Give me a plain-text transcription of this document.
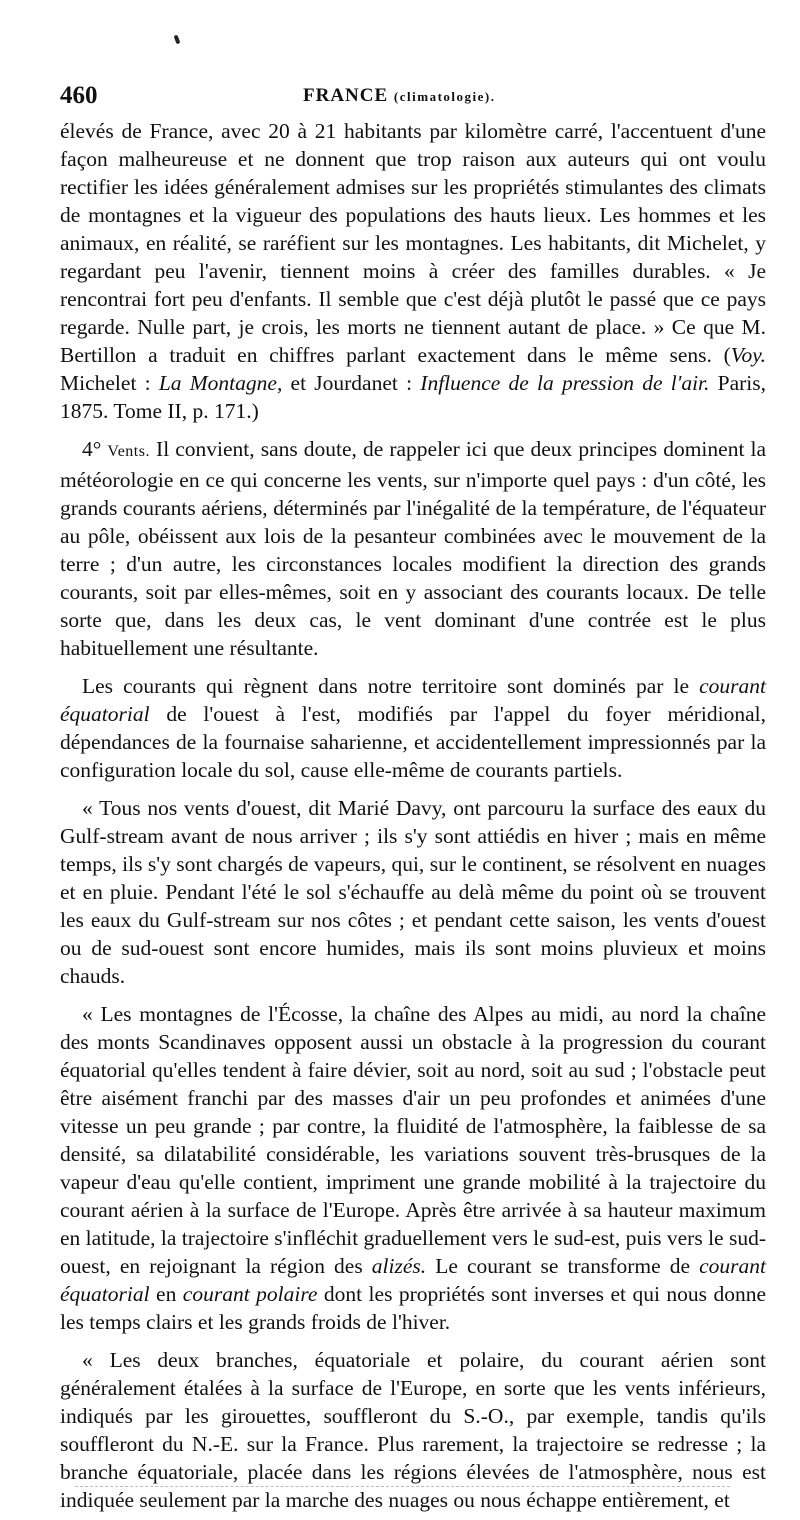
460	FRANCE (climatologie).

élevés de France, avec 20 à 21 habitants par kilomètre carré, l'accentuent d'une façon malheureuse et ne donnent que trop raison aux auteurs qui ont voulu rectifier les idées généralement admises sur les propriétés stimulantes des climats de montagnes et la vigueur des populations des hauts lieux. Les hommes et les animaux, en réalité, se raréfient sur les montagnes. Les habitants, dit Michelet, y regardant peu l'avenir, tiennent moins à créer des familles durables. « Je rencontrai fort peu d'enfants. Il semble que c'est déjà plutôt le passé que ce pays regarde. Nulle part, je crois, les morts ne tiennent autant de place. » Ce que M. Bertillon a traduit en chiffres parlant exactement dans le même sens. (Voy. Michelet : La Montagne, et Jourdanet : Influence de la pression de l'air. Paris, 1875. Tome II, p. 171.)

4° Vents. Il convient, sans doute, de rappeler ici que deux principes dominent la météorologie en ce qui concerne les vents, sur n'importe quel pays : d'un côté, les grands courants aériens, déterminés par l'inégalité de la température, de l'équateur au pôle, obéissent aux lois de la pesanteur combinées avec le mouvement de la terre ; d'un autre, les circonstances locales modifient la direction des grands courants, soit par elles-mêmes, soit en y associant des courants locaux. De telle sorte que, dans les deux cas, le vent dominant d'une contrée est le plus habituellement une résultante.

Les courants qui règnent dans notre territoire sont dominés par le courant équatorial de l'ouest à l'est, modifiés par l'appel du foyer méridional, dépendances de la fournaise saharienne, et accidentellement impressionnés par la configuration locale du sol, cause elle-même de courants partiels.

« Tous nos vents d'ouest, dit Marié Davy, ont parcouru la surface des eaux du Gulf-stream avant de nous arriver ; ils s'y sont attiédis en hiver ; mais en même temps, ils s'y sont chargés de vapeurs, qui, sur le continent, se résolvent en nuages et en pluie. Pendant l'été le sol s'échauffe au delà même du point où se trouvent les eaux du Gulf-stream sur nos côtes ; et pendant cette saison, les vents d'ouest ou de sud-ouest sont encore humides, mais ils sont moins pluvieux et moins chauds.

« Les montagnes de l'Écosse, la chaîne des Alpes au midi, au nord la chaîne des monts Scandinaves opposent aussi un obstacle à la progression du courant équatorial qu'elles tendent à faire dévier, soit au nord, soit au sud ; l'obstacle peut être aisément franchi par des masses d'air un peu profondes et animées d'une vitesse un peu grande ; par contre, la fluidité de l'atmosphère, la faiblesse de sa densité, sa dilatabilité considérable, les variations souvent très-brusques de la vapeur d'eau qu'elle contient, impriment une grande mobilité à la trajectoire du courant aérien à la surface de l'Europe. Après être arrivée à sa hauteur maximum en latitude, la trajectoire s'infléchit graduellement vers le sud-est, puis vers le sud-ouest, en rejoignant la région des alizés. Le courant se transforme de courant équatorial en courant polaire dont les propriétés sont inverses et qui nous donne les temps clairs et les grands froids de l'hiver.

« Les deux branches, équatoriale et polaire, du courant aérien sont généralement étalées à la surface de l'Europe, en sorte que les vents inférieurs, indiqués par les girouettes, souffleront du S.-O., par exemple, tandis qu'ils souffleront du N.-E. sur la France. Plus rarement, la trajectoire se redresse ; la branche équatoriale, placée dans les régions élevées de l'atmosphère, nous est indiquée seulement par la marche des nuages ou nous échappe entièrement, et
